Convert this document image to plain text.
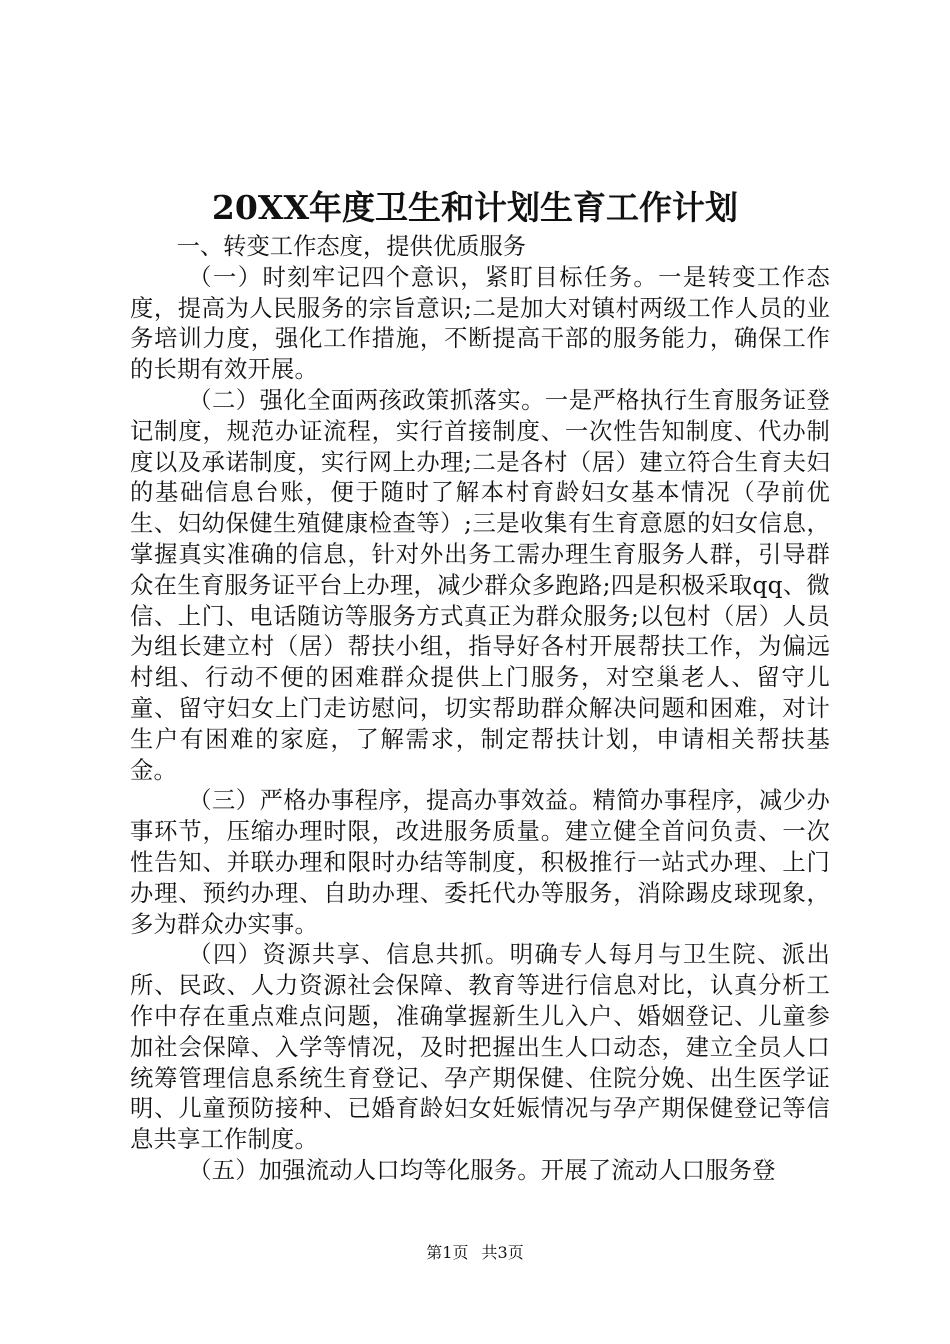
20XX年度卫生和计划生育工作计划

一、转变工作态度，提供优质服务

（一）时刻牢记四个意识，紧盯目标任务。一是转变工作态度，提高为人民服务的宗旨意识;二是加大对镇村两级工作人员的业务培训力度，强化工作措施，不断提高干部的服务能力，确保工作的长期有效开展。

（二）强化全面两孩政策抓落实。一是严格执行生育服务证登记制度，规范办证流程，实行首接制度、一次性告知制度、代办制度以及承诺制度，实行网上办理;二是各村（居）建立符合生育夫妇的基础信息台账，便于随时了解本村育龄妇女基本情况（孕前优生、妇幼保健生殖健康检查等）;三是收集有生育意愿的妇女信息，掌握真实准确的信息，针对外出务工需办理生育服务人群，引导群众在生育服务证平台上办理，减少群众多跑路;四是积极采取qq、微信、上门、电话随访等服务方式真正为群众服务;以包村（居）人员为组长建立村（居）帮扶小组，指导好各村开展帮扶工作，为偏远村组、行动不便的困难群众提供上门服务，对空巢老人、留守儿童、留守妇女上门走访慰问，切实帮助群众解决问题和困难，对计生户有困难的家庭，了解需求，制定帮扶计划，申请相关帮扶基金。

（三）严格办事程序，提高办事效益。精简办事程序，减少办事环节，压缩办理时限，改进服务质量。建立健全首问负责、一次性告知、并联办理和限时办结等制度，积极推行一站式办理、上门办理、预约办理、自助办理、委托代办等服务，消除踢皮球现象，多为群众办实事。

（四）资源共享、信息共抓。明确专人每月与卫生院、派出所、民政、人力资源社会保障、教育等进行信息对比，认真分析工作中存在重点难点问题，准确掌握新生儿入户、婚姻登记、儿童参加社会保障、入学等情况，及时把握出生人口动态，建立全员人口统筹管理信息系统生育登记、孕产期保健、住院分娩、出生医学证明、儿童预防接种、已婚育龄妇女妊娠情况与孕产期保健登记等信息共享工作制度。

（五）加强流动人口均等化服务。开展了流动人口服务登

第1页 共3页
